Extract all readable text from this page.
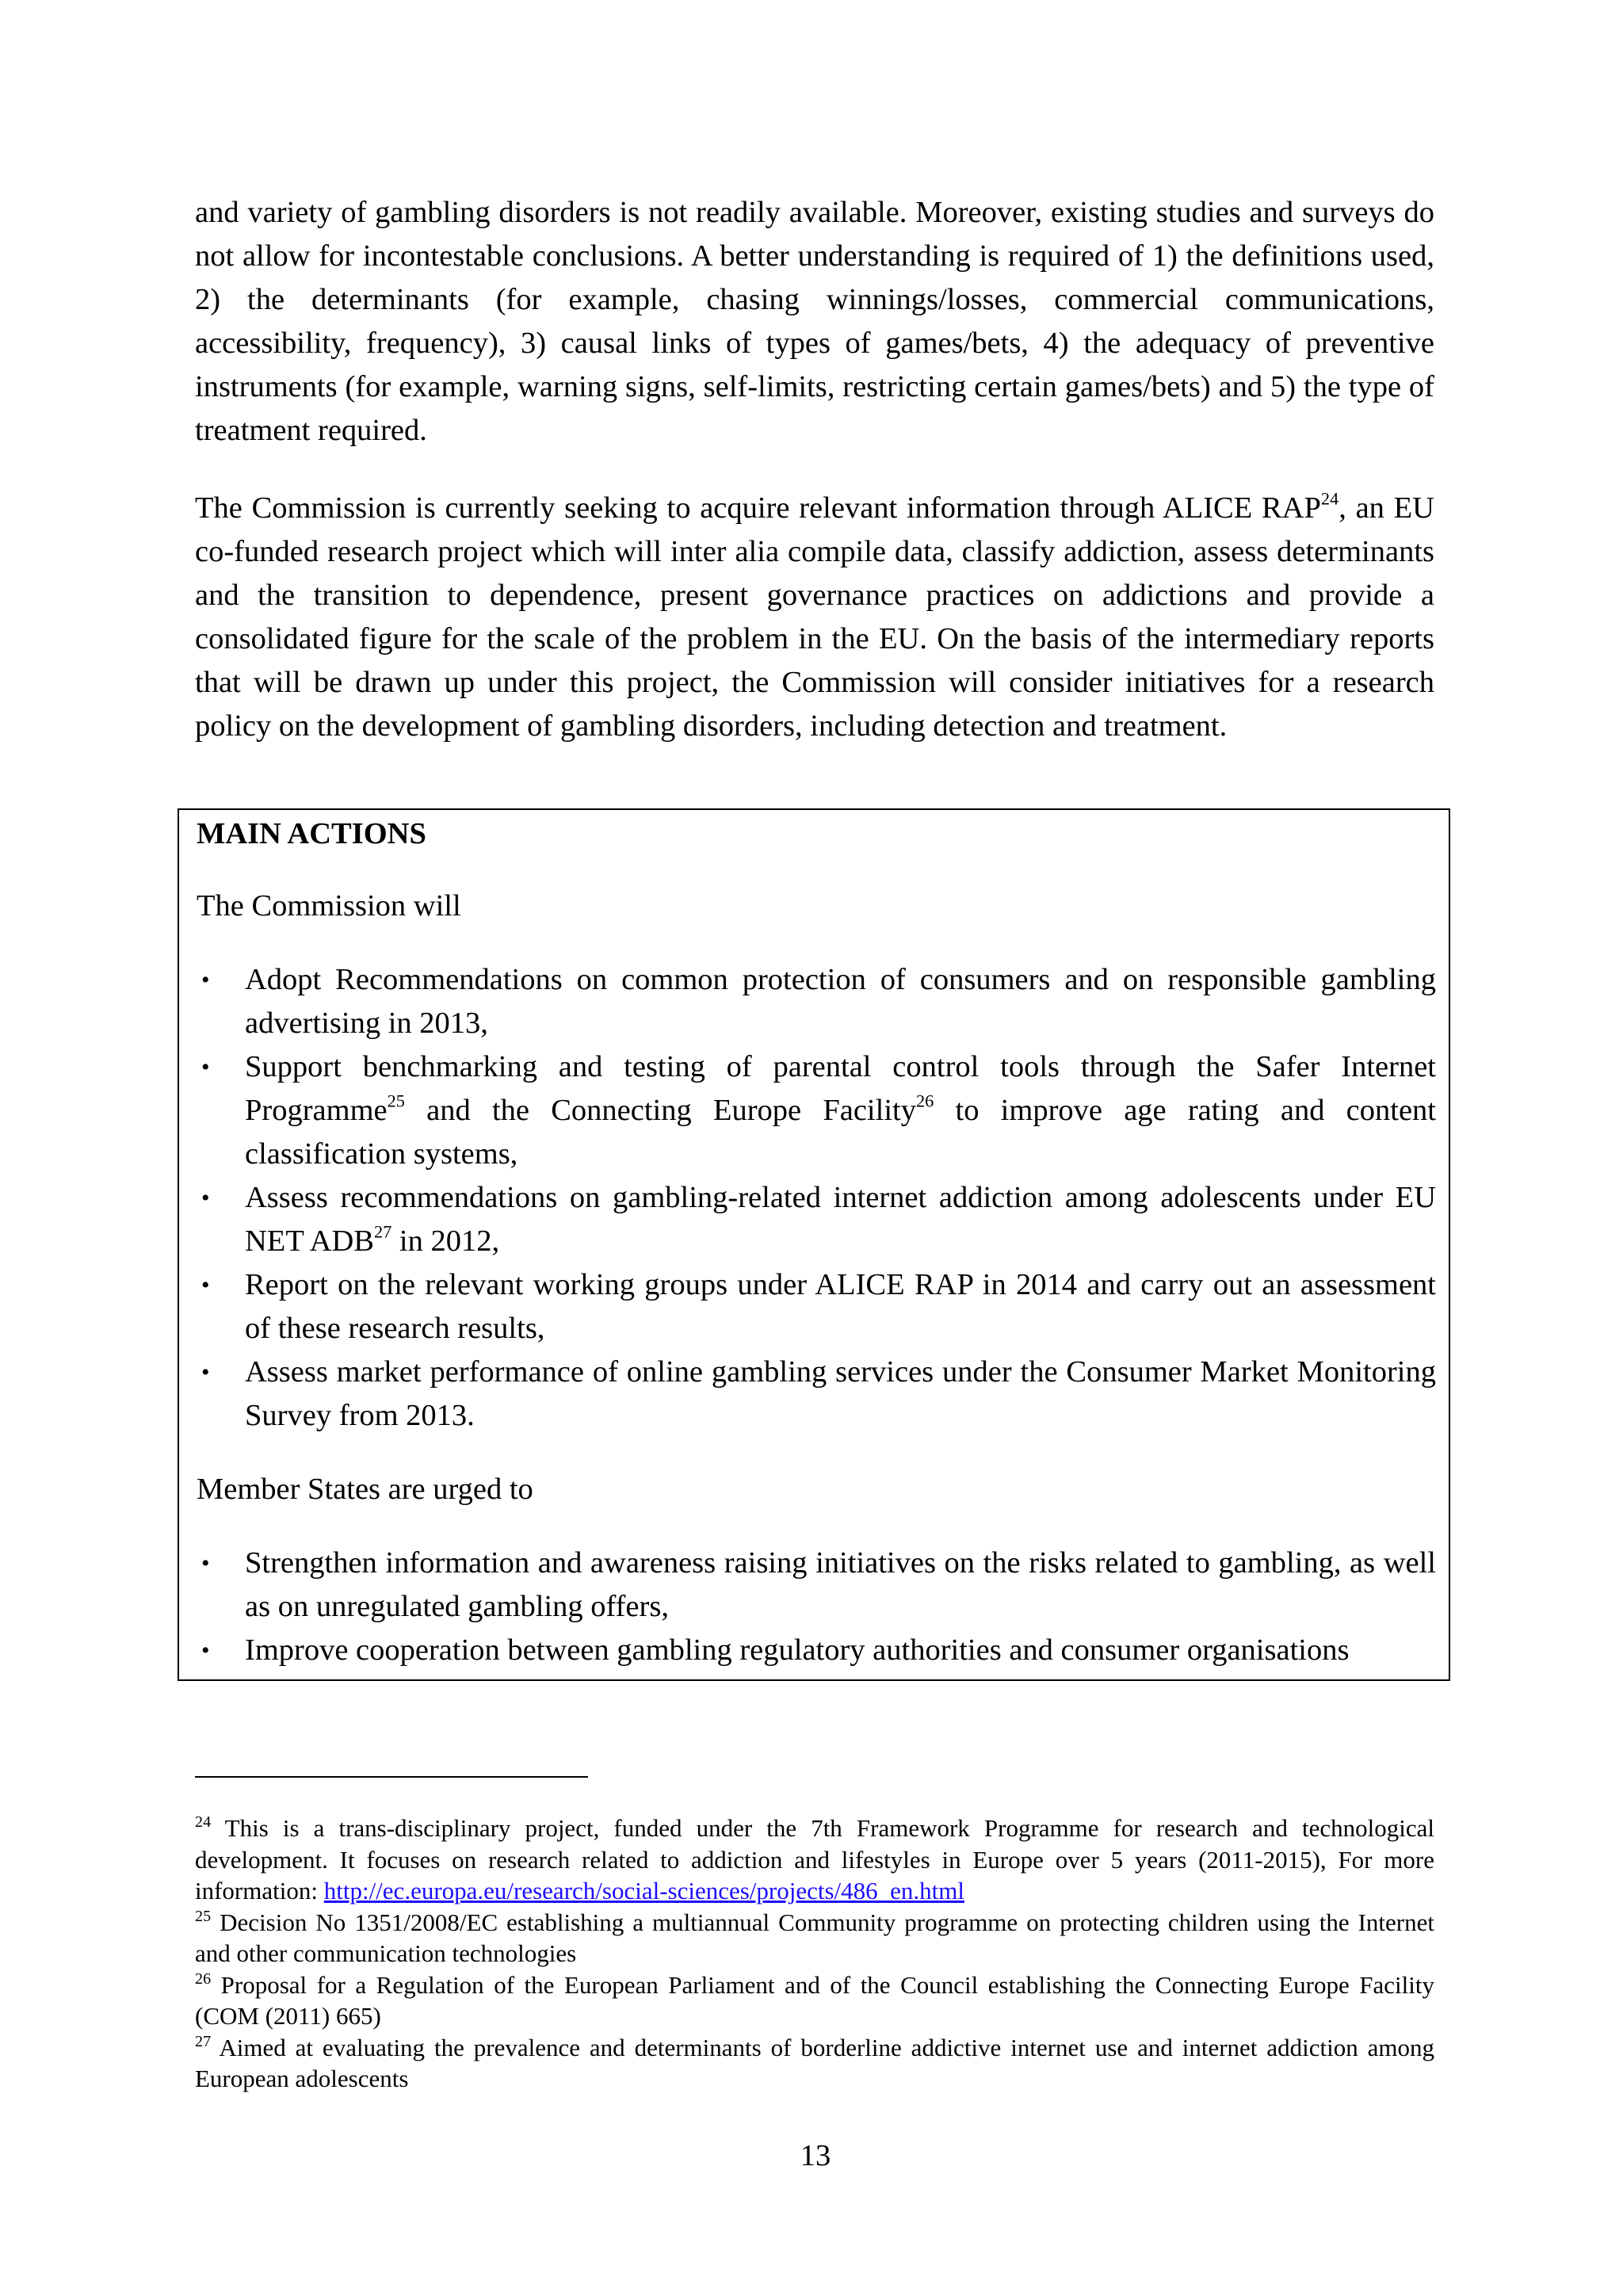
and variety of gambling disorders is not readily available. Moreover, existing studies and surveys do not allow for incontestable conclusions. A better understanding is required of 1) the definitions used, 2) the determinants (for example, chasing winnings/losses, commercial communications, accessibility, frequency), 3) causal links of types of games/bets, 4) the adequacy of preventive instruments (for example, warning signs, self-limits, restricting certain games/bets) and 5) the type of treatment required.

The Commission is currently seeking to acquire relevant information through ALICE RAP$^{24}$, an EU co-funded research project which will inter alia compile data, classify addiction, assess determinants and the transition to dependence, present governance practices on addictions and provide a consolidated figure for the scale of the problem in the EU. On the basis of the intermediary reports that will be drawn up under this project, the Commission will consider initiatives for a research policy on the development of gambling disorders, including detection and treatment.

MAIN ACTIONS

The Commission will

• Adopt Recommendations on common protection of consumers and on responsible gambling advertising in 2013,
• Support benchmarking and testing of parental control tools through the Safer Internet Programme$^{25}$ and the Connecting Europe Facility$^{26}$ to improve age rating and content classification systems,
• Assess recommendations on gambling-related internet addiction among adolescents under EU NET ADB$^{27}$ in 2012,
• Report on the relevant working groups under ALICE RAP in 2014 and carry out an assessment of these research results,
• Assess market performance of online gambling services under the Consumer Market Monitoring Survey from 2013.

Member States are urged to

• Strengthen information and awareness raising initiatives on the risks related to gambling, as well as on unregulated gambling offers,
• Improve cooperation between gambling regulatory authorities and consumer organisations

$^{24}$ This is a trans-disciplinary project, funded under the 7th Framework Programme for research and technological development. It focuses on research related to addiction and lifestyles in Europe over 5 years (2011-2015), For more information: http://ec.europa.eu/research/social-sciences/projects/486_en.html

$^{25}$ Decision No 1351/2008/EC establishing a multiannual Community programme on protecting children using the Internet and other communication technologies

$^{26}$ Proposal for a Regulation of the European Parliament and of the Council establishing the Connecting Europe Facility (COM (2011) 665)

$^{27}$ Aimed at evaluating the prevalence and determinants of borderline addictive internet use and internet addiction among European adolescents

13
